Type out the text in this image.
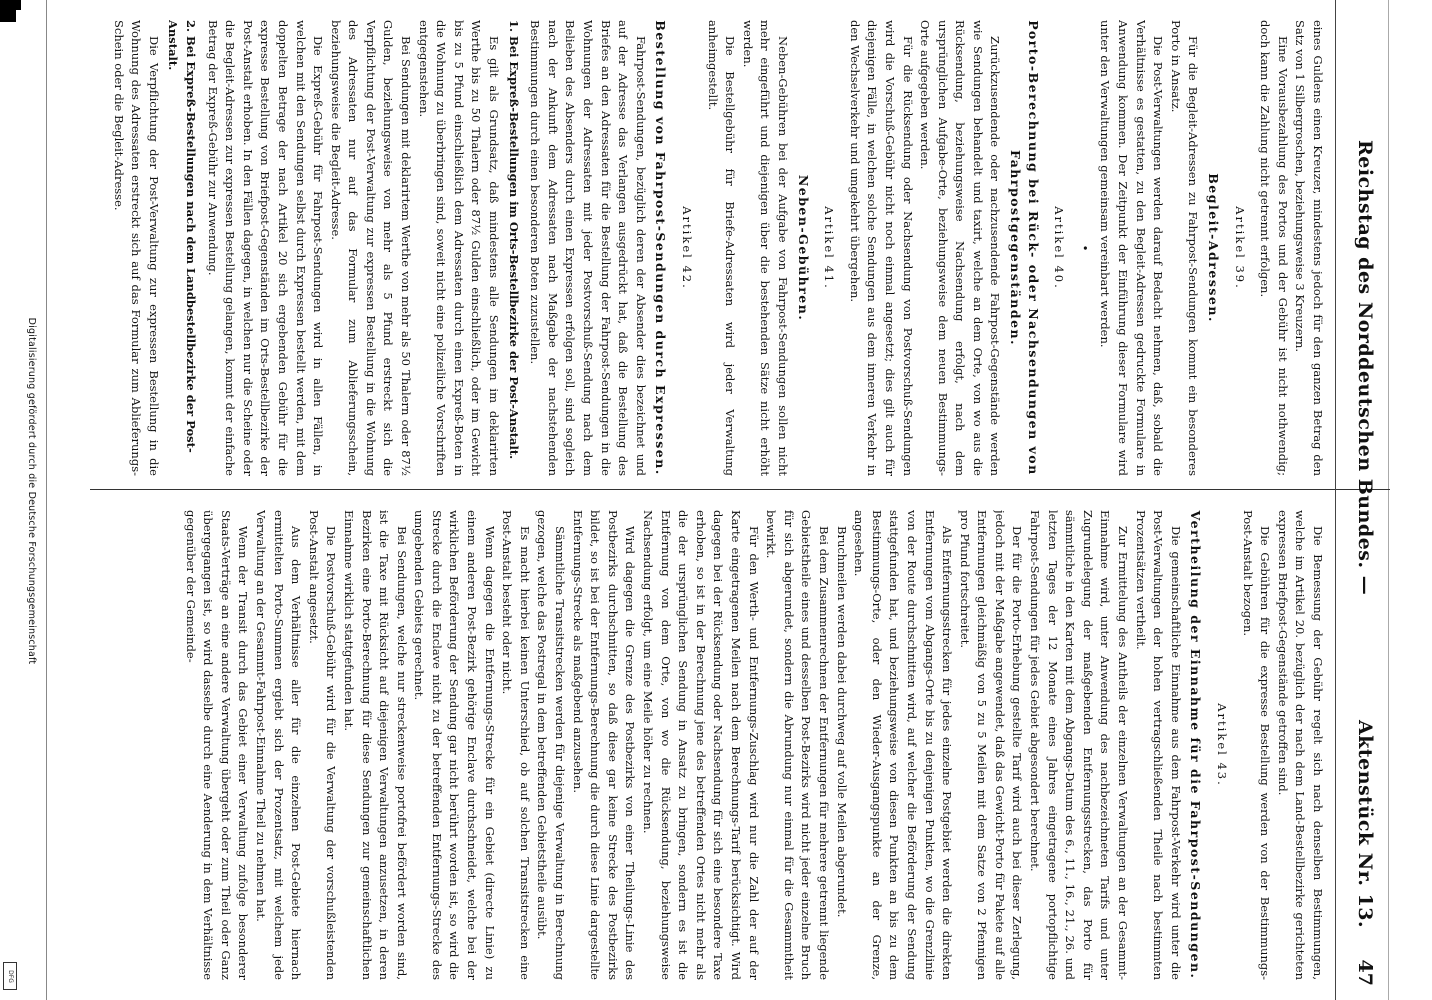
Digitalisierung gefördert durch die Deutsche Forschungsgemeinschaft
DFG
Reichstag des Norddeutschen Bundes. —
Aktenstück Nr. 13.
47

eines Guldens einen Kreuzer, mindestens jedoch für den ganzen Betrag den Satz von 1 Silbergroschen, beziehungsweise 3 Kreuzern.

Eine Vorausbezahlung des Portos und der Gebühr ist nicht nothwendig; doch kann die Zahlung nicht getrennt erfolgen.

Artikel 39.
Begleit-Adressen.

Für die Begleit-Adressen zu Fahrpost-Sendungen kommt ein besonderes Porto in Ansatz.

Die Post-Verwaltungen werden darauf Bedacht nehmen, daß, sobald die Verhältnisse es gestatten, zu den Begleit-Adressen gedruckte Formulare in Anwendung kommen. Der Zeitpunkt der Einführung dieser Formulare wird unter den Verwaltungen gemeinsam vereinbart werden.

•
Artikel 40.
Porto-Berechnung bei Rück- oder Nachsendungen von Fahrpostgegenständen.

Zurückzusendende oder nachzusendende Fahrpost-Gegenstände werden wie Sendungen behandelt und taxirt, welche an dem Orte, von wo aus die Rücksendung, beziehungsweise Nachsendung erfolgt, nach dem ursprünglichen Aufgabe-Orte, beziehungsweise dem neuen Bestimmungs-Orte aufgegeben werden.

Für die Rücksendung oder Nachsendung von Postvorschuß-Sendungen wird die Vorschuß-Gebühr nicht noch einmal angesetzt; dies gilt auch für diejenigen Fälle, in welchen solche Sendungen aus dem inneren Verkehr in den Wechselverkehr und umgekehrt übergehen.

Artikel 41.
Neben-Gebühren.

Neben-Gebühren bei der Aufgabe von Fahrpost-Sendungen sollen nicht mehr eingeführt und diejenigen über die bestehenden Sätze nicht erhöht werden.

Die Bestellgebühr für Briefe-Adressaten wird jeder Verwaltung anheimgestellt.

Artikel 42.
Bestellung von Fahrpost-Sendungen durch Expressen.

Fahrpost-Sendungen, bezüglich deren der Absender dies bezeichnet und auf der Adresse das Verlangen ausgedrückt hat, daß die Bestellung des Briefes an den Adressaten für die Bestellung der Fahrpost-Sendungen in die Wohnungen der Adressaten mit jeder Postvorschuß-Sendung nach dem Belieben des Absenders durch einen Expressen erfolgen soll, sind sogleich nach der Ankunft dem Adressaten nach Maßgabe der nachstehenden Bestimmungen durch einen besonderen Boten zuzustellen.

1. Bei Expreß-Bestellungen im Orts-Bestellbezirke der Post-Anstalt.

Es gilt als Grundsatz, daß mindestens alle Sendungen im deklarirten Werthe bis zu 50 Thalern oder 87½ Gulden einschließlich, oder im Gewicht bis zu 5 Pfund einschließlich dem Adressaten durch einen Expreß-Boten in die Wohnung zu überbringen sind, soweit nicht eine polizeiliche Vorschriften entgegenstehen.

Bei Sendungen mit deklarirtem Werthe von mehr als 50 Thalern oder 87½ Gulden, beziehungsweise von mehr als 5 Pfund erstreckt sich die Verpflichtung der Post-Verwaltung zur expressen Bestellung in die Wohnung des Adressaten nur auf das Formular zum Ablieferungsschein, beziehungsweise die Begleit-Adresse.

Die Expreß-Gebühr für Fahrpost-Sendungen wird in allen Fällen, in welchen mit den Sendungen selbst durch Expressen bestellt werden, mit dem doppelten Betrage der nach Artikel 20 sich ergebenden Gebühr für die expresse Bestellung von Briefpost-Gegenständen im Orts-Bestellbezirke der Post-Anstalt erhoben. In den Fällen dagegen, in welchen nur die Scheine oder die Begleit-Adressen zur expressen Bestellung gelangen, kommt der einfache Betrag der Expreß-Gebühr zur Anwendung.

2. Bei Expreß-Bestellungen nach dem Landbestellbezirke der Post-Anstalt.

Die Verpflichtung der Post-Verwaltung zur expressen Bestellung in die Wohnung des Adressaten erstreckt sich auf das Formular zum Ablieferungs-Schein oder die Begleit-Adresse.

Die Bemessung der Gebühr regelt sich nach denselben Bestimmungen, welche im Artikel 20. bezüglich der nach dem Land-Bestellbezirke gerichteten expressen Briefpost-Gegenstände getroffen sind.

Die Gebühren für die expresse Bestellung werden von der Bestimmungs-Post-Anstalt bezogen.

Artikel 43.
Vertheilung der Einnahme für die Fahrpost-Sendungen.

Die gemeinschaftliche Einnahme aus dem Fahrpost-Verkehr wird unter die Post-Verwaltungen der hohen vertragschließenden Theile nach bestimmten Prozentsätzen vertheilt.

Zur Ermittelung des Antheils der einzelnen Verwaltungen an der Gesammt-Einnahme wird, unter Anwendung des nachbezeichneten Tarifs und unter Zugrundelegung der maßgebenden Entfernungsstrecken, das Porto für sämmtliche in den Karten mit dem Abgangs-Datum des 6., 11., 16., 21., 26. und letzten Tages der 12 Monate eines Jahres eingetragene portopflichtige Fahrpost-Sendungen für jedes Gebiet abgesondert berechnet.

Der für die Porto-Erhebung gestellte Tarif wird auch bei dieser Zerlegung, jedoch mit der Maßgabe angewendet, daß das Gewicht-Porto für Pakete auf alle Entfernungen gleichmäßig von 5 zu 5 Meilen mit dem Satze von 2 Pfennigen pro Pfund fortschreitet.

Als Entfernungsstrecken für jedes einzelne Postgebiet werden die direkten Entfernungen vom Abgangs-Orte bis zu denjenigen Punkten, wo die Grenzlinie von der Route durchschnitten wird, auf welcher die Beförderung der Sendung stattgefunden hat, und beziehungsweise von diesen Punkten an bis zu dem Bestimmungs-Orte, oder den Wieder-Ausgangspunkte an der Grenze, angesehen.

Bruchmeilen werden dabei durchweg auf volle Meilen abgerundet.

Bei dem Zusammenrechnen der Entfernungen für mehrere getrennt liegende Gebietstheile eines und desselben Post-Bezirks wird nicht jeder einzelne Bruch für sich abgerundet, sondern die Abrundung nur einmal für die Gesammtheit bewirkt.

Für den Werth- und Entfernungs-Zuschlag wird nur die Zahl der auf der Karte eingetragenen Meilen nach dem Berechnungs-Tarif berücksichtigt. Wird dagegen bei der Rücksendung oder Nachsendung für sich eine besondere Taxe erhoben, so ist in der Berechnung jene des betreffenden Ortes nicht mehr als die der ursprünglichen Sendung in Ansatz zu bringen, sondern es ist die Entfernung von dem Orte, von wo die Rücksendung, beziehungsweise Nachsendung erfolgt, um eine Meile höher zu rechnen.

Wird dagegen die Grenze des Postbezirks von einer Theilungs-Linie des Postbezirks durchschnitten, so daß diese gar keine Strecke des Postbezirks bildet, so ist bei der Entfernungs-Berechnung die durch diese Linie dargestellte Entfernungs-Strecke als maßgebend anzusehen.

Sämmtliche Transitstrecken werden für diejenige Verwaltung in Berechnung gezogen, welche das Postregal in dem betreffenden Gebietstheile ausübt.

Es macht hierbei keinen Unterschied, ob auf solchen Transitstrecken eine Post-Anstalt besteht oder nicht.

Wenn dagegen die Entfernungs-Strecke für ein Gebiet (directe Linie) zu einem anderen Post-Bezirk gehörige Enclave durchschneidet, welche bei der wirklichen Beförderung der Sendung gar nicht berührt worden ist, so wird die Strecke durch die Enclave nicht zu der betreffenden Entfernungs-Strecke des umgebenden Gebiets gerechnet.

Bei Sendungen, welche nur streckenweise portofrei befördert worden sind, ist die Taxe mit Rücksicht auf diejenigen Verwaltungen anzusetzen, in deren Bezirken eine Porto-Berechnung für diese Sendungen zur gemeinschaftlichen Einnahme wirklich stattgefunden hat.

Die Postvorschuß-Gebühr wird für die Verwaltung der vorschußleistenden Post-Anstalt angesetzt.

Aus dem Verhältnisse aller für die einzelnen Post-Gebiete hiernach ermittelten Porto-Summen ergiebt sich der Prozentsatz, mit welchem jede Verwaltung an der Gesammt-Fahrpost-Einnahme Theil zu nehmen hat.

Wenn der Transit durch das Gebiet einer Verwaltung zufolge besonderer Staats-Verträge an eine andere Verwaltung übergeht oder zum Theil oder Ganz übergegangen ist, so wird dasselbe durch eine Aenderung in dem Verhältnisse gegenüber der Gemeinde-
